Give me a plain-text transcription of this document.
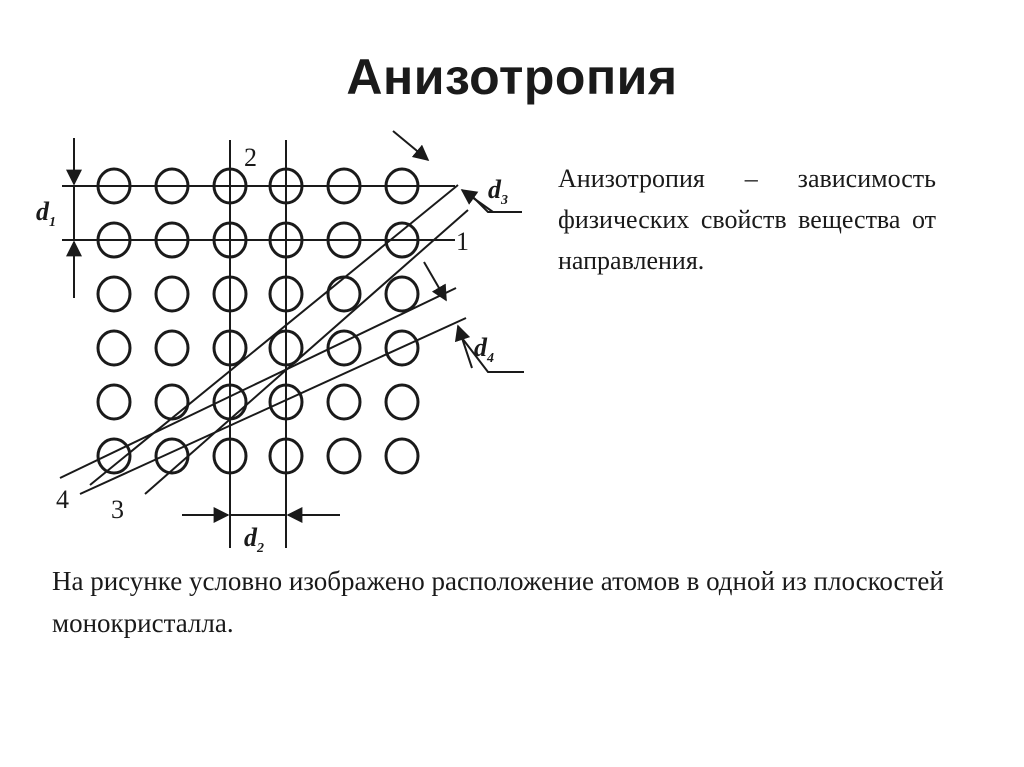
Анизотропия
1
2
3
4
$d_1$
$d_2$
$d_3$
$d_4$
Анизотропия – зависимость физических свойств вещества от направления.
На рисунке условно изображено расположение атомов в одной из плоскостей монокристалла.
